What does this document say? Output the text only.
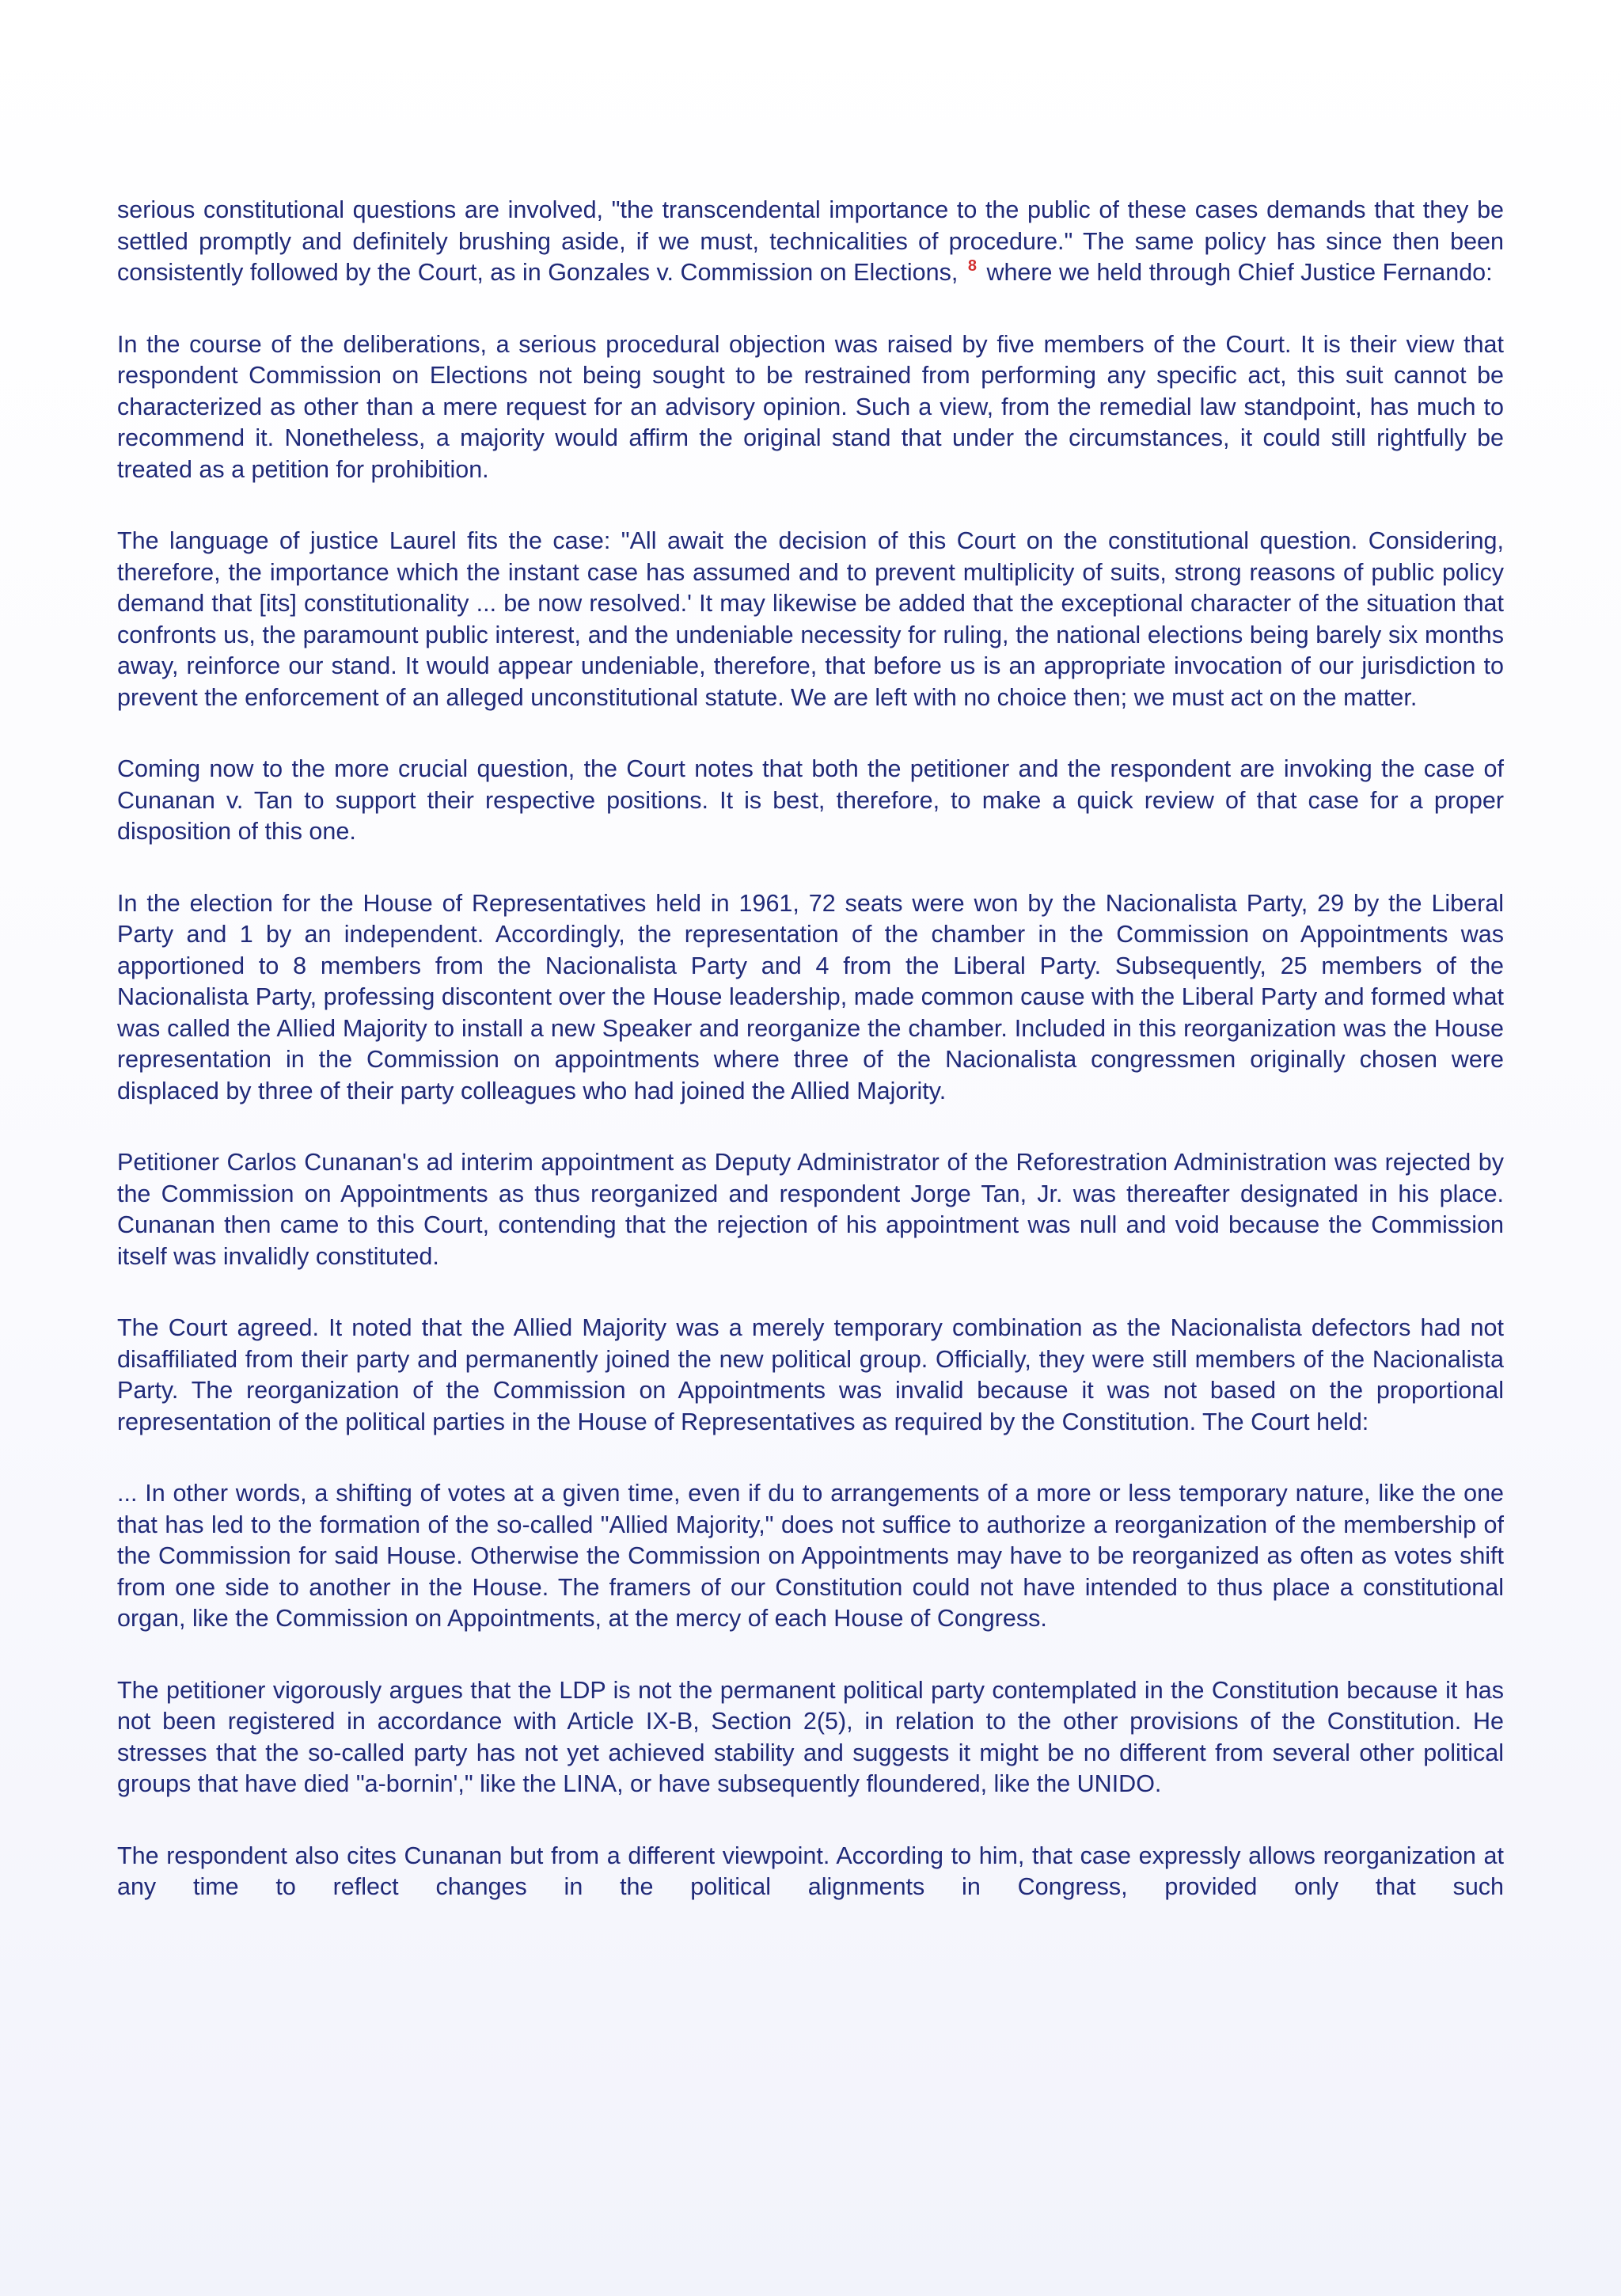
serious constitutional questions are involved, "the transcendental importance to the public of these cases demands that they be settled promptly and definitely brushing aside, if we must, technicalities of procedure." The same policy has since then been consistently followed by the Court, as in Gonzales v. Commission on Elections, $^8$ where we held through Chief Justice Fernando:

In the course of the deliberations, a serious procedural objection was raised by five members of the Court. It is their view that respondent Commission on Elections not being sought to be restrained from performing any specific act, this suit cannot be characterized as other than a mere request for an advisory opinion. Such a view, from the remedial law standpoint, has much to recommend it. Nonetheless, a majority would affirm the original stand that under the circumstances, it could still rightfully be treated as a petition for prohibition.

The language of justice Laurel fits the case: "All await the decision of this Court on the constitutional question. Considering, therefore, the importance which the instant case has assumed and to prevent multiplicity of suits, strong reasons of public policy demand that [its] constitutionality ... be now resolved.' It may likewise be added that the exceptional character of the situation that confronts us, the paramount public interest, and the undeniable necessity for ruling, the national elections being barely six months away, reinforce our stand. It would appear undeniable, therefore, that before us is an appropriate invocation of our jurisdiction to prevent the enforcement of an alleged unconstitutional statute. We are left with no choice then; we must act on the matter.

Coming now to the more crucial question, the Court notes that both the petitioner and the respondent are invoking the case of Cunanan v. Tan to support their respective positions. It is best, therefore, to make a quick review of that case for a proper disposition of this one.

In the election for the House of Representatives held in 1961, 72 seats were won by the Nacionalista Party, 29 by the Liberal Party and 1 by an independent. Accordingly, the representation of the chamber in the Commission on Appointments was apportioned to 8 members from the Nacionalista Party and 4 from the Liberal Party. Subsequently, 25 members of the Nacionalista Party, professing discontent over the House leadership, made common cause with the Liberal Party and formed what was called the Allied Majority to install a new Speaker and reorganize the chamber. Included in this reorganization was the House representation in the Commission on appointments where three of the Nacionalista congressmen originally chosen were displaced by three of their party colleagues who had joined the Allied Majority.

Petitioner Carlos Cunanan's ad interim appointment as Deputy Administrator of the Reforestration Administration was rejected by the Commission on Appointments as thus reorganized and respondent Jorge Tan, Jr. was thereafter designated in his place. Cunanan then came to this Court, contending that the rejection of his appointment was null and void because the Commission itself was invalidly constituted.

The Court agreed. It noted that the Allied Majority was a merely temporary combination as the Nacionalista defectors had not disaffiliated from their party and permanently joined the new political group. Officially, they were still members of the Nacionalista Party. The reorganization of the Commission on Appointments was invalid because it was not based on the proportional representation of the political parties in the House of Representatives as required by the Constitution. The Court held:

... In other words, a shifting of votes at a given time, even if du to arrangements of a more or less temporary nature, like the one that has led to the formation of the so-called "Allied Majority," does not suffice to authorize a reorganization of the membership of the Commission for said House. Otherwise the Commission on Appointments may have to be reorganized as often as votes shift from one side to another in the House. The framers of our Constitution could not have intended to thus place a constitutional organ, like the Commission on Appointments, at the mercy of each House of Congress.

The petitioner vigorously argues that the LDP is not the permanent political party contemplated in the Constitution because it has not been registered in accordance with Article IX-B, Section 2(5), in relation to the other provisions of the Constitution. He stresses that the so-called party has not yet achieved stability and suggests it might be no different from several other political groups that have died "a-bornin'," like the LINA, or have subsequently floundered, like the UNIDO.

The respondent also cites Cunanan but from a different viewpoint. According to him, that case expressly allows reorganization at any time to reflect changes in the political alignments in Congress, provided only that such
